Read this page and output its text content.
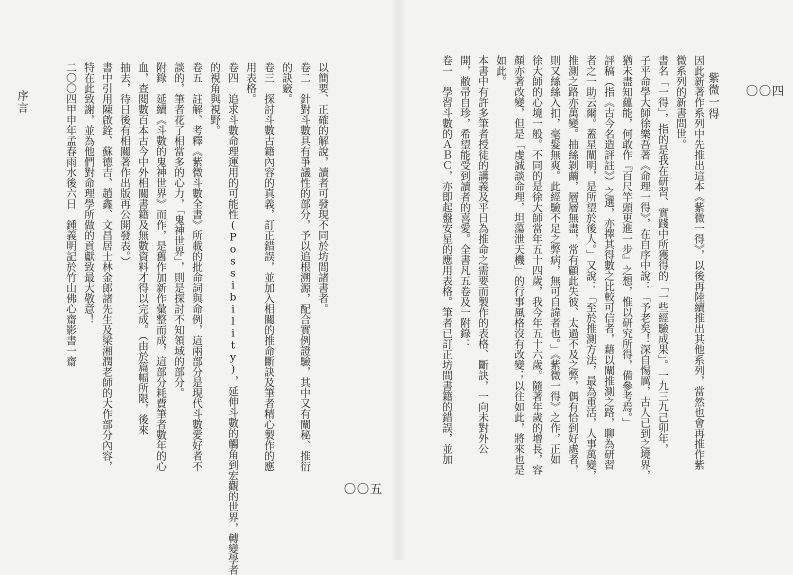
紫微一得 〇〇四
因此新著作系列中先推出這本《紫微一得》，以後再陸續推出其他系列，當然也會再推作紫
微系列的新書問世。
書名「一得」，指的是我在研習、實踐中所獲得的「一些經驗成果」。一九三九己卯年，
子平命學大師徐樂吾著《命理一得》，在自序中說：「予老矣！深自惕厲，古人已到之境界，
猶未盡知蘊能，何敢作『百尺竿頭更進一步』之想，惟以研究所得，備參考焉。」
評稿（指《古今名造評註》）之選，亦擇其得數之比較可信者，藉以闡推測之路，聊為研習
者之一助云爾。蓋星闡明，是所望於後人。」又說：「至於推測方法，最為重活，人事萬變，
推測之路亦萬變。抽絲剝繭，層層無盡，常有顧此失彼、太過不及之弊，偶有恰到好處者，
則又絲絲入扣，毫髮無爽。此經驗不足之弊病，無可自諱者也。」《紫微一得》之作，正如
徐大師的心境一般。不同的是徐大師當年五十四歲，我今年五十六歲。隨著年歲的增長，容
顏亦著改變，但是「虔誠談命理，坦蕩泄天機」的行事風格沒有改變；以往如此，將來也是
如此。
本書中有許多筆者授徒的講義及平日為推命之需要而製作的表格、斷訣，一向未對外公
開，敝帚自珍，希望能受到讀者的喜愛。全書凡五卷及一附錄：
卷一　學習斗數的ＡＢＣ，亦即起盤安星的應用表格。筆者已訂正坊間書籍的錯誤，並加
序言
〇〇五
以簡要、正確的解說，讀者可發現不同於坊間諸書者。
卷二　針對斗數具有爭議性的部分，予以追根溯源，配合實例證驗，其中又有闡秘、推衍
的訣竅。
卷三　探討斗數古籍內容的真義，訂正錯誤，並加入相關的推命斷訣及筆者精心製作的應
用表格。
卷四　追求斗數命理運用的可能性(Possibility)，延伸斗數的觸角到宏觀的世界，轉變學者
的視角與視野。
卷五　註解、考釋《紫微斗數全書》所載的批命詞與命例，這兩部分是現代斗數愛好者不
談的，筆者花了相當多的心力，「鬼神世界」，則是探討不知領域的部分。
附錄　延續《斗數的鬼神世界》而作，是舊作加新作彙整而成，這部分耗費筆者數年的心
血，查閱數百本古今中外相關書籍及無數資料才得以完成。（由於篇幅所限，後來
抽去，待日後有相關著作出版再公開發表。）
書中引用陳啟銓、蘇德吉、趙鑫、文昌居士林金郎諸先生及梁湘潤老師的大作部分內容，
特在此致謝，並為他們對命理學所做的貢獻致最大敬意！
二〇〇四甲申年孟春雨水後六日　鍾義明記於竹山佛心齋影書一齋
